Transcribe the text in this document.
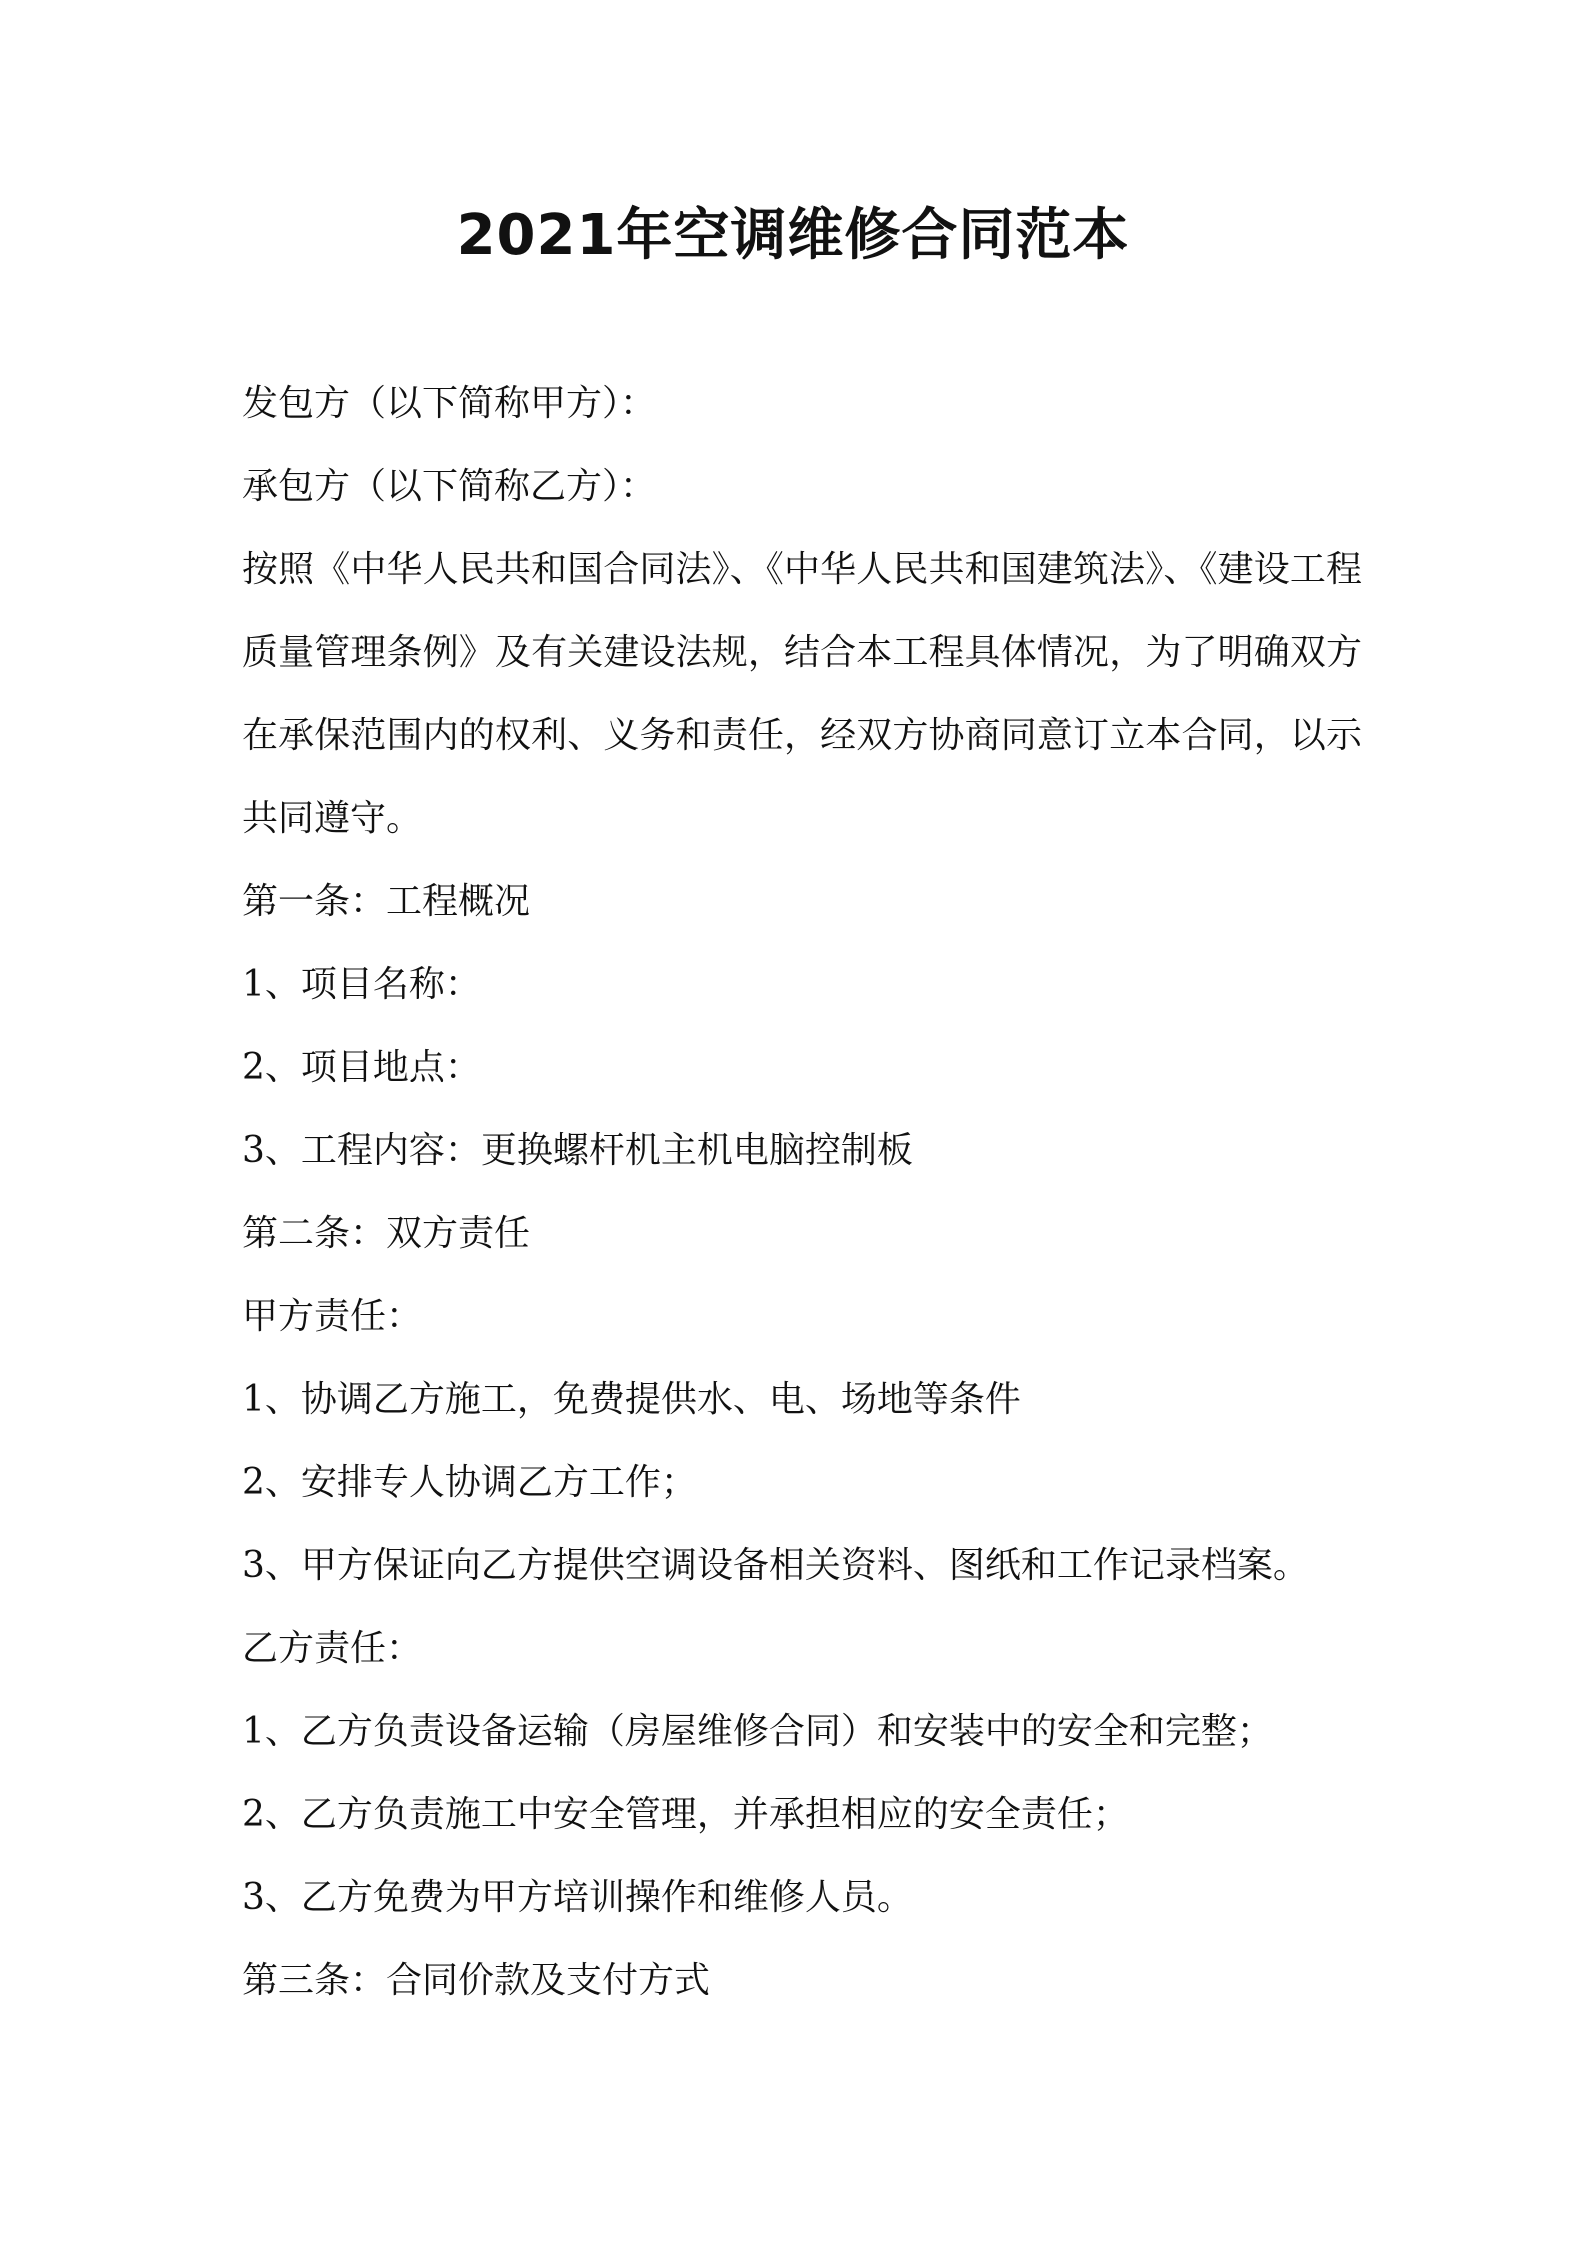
2021年空调维修合同范本

发包方（以下简称甲方）：

承包方（以下简称乙方）：

按照《中华人民共和国合同法》、《中华人民共和国建筑法》、《建设工程质量管理条例》及有关建设法规，结合本工程具体情况，为了明确双方在承保范围内的权利、义务和责任，经双方协商同意订立本合同，以示共同遵守。

第一条：工程概况

1、项目名称：

2、项目地点：

3、工程内容：更换螺杆机主机电脑控制板

第二条：双方责任

甲方责任：

1、协调乙方施工，免费提供水、电、场地等条件

2、安排专人协调乙方工作；

3、甲方保证向乙方提供空调设备相关资料、图纸和工作记录档案。

乙方责任：

1、乙方负责设备运输（房屋维修合同）和安装中的安全和完整；

2、乙方负责施工中安全管理，并承担相应的安全责任；

3、乙方免费为甲方培训操作和维修人员。

第三条：合同价款及支付方式
